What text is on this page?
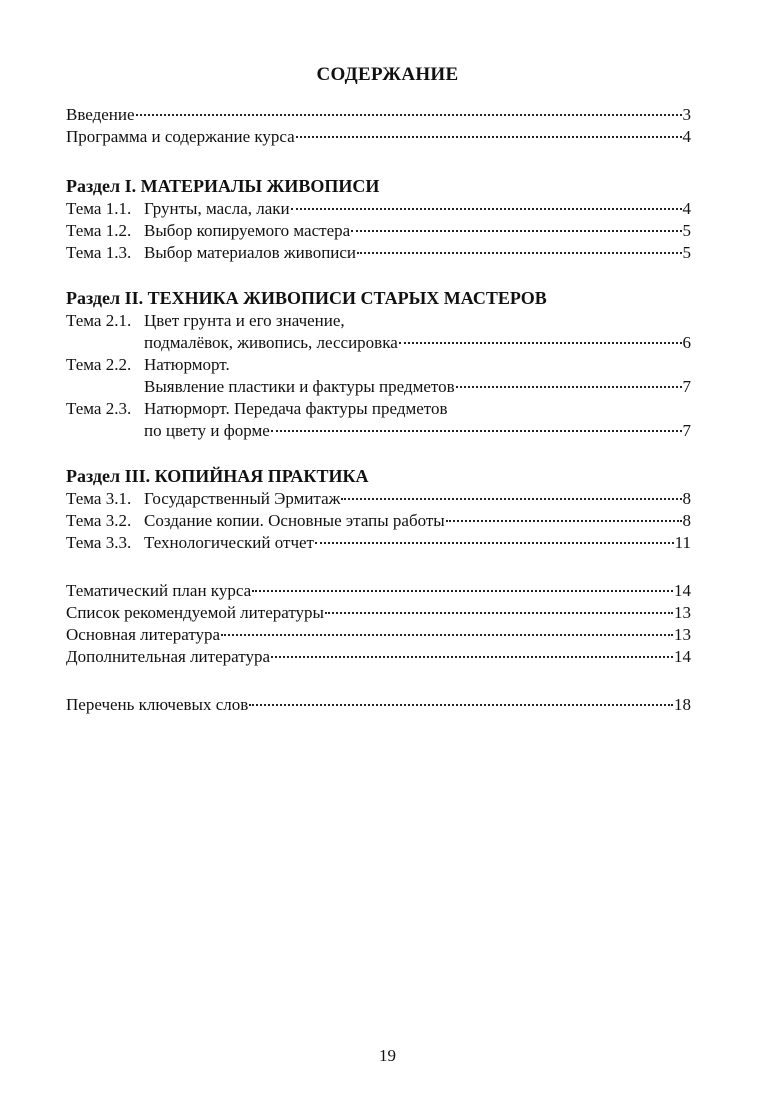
СОДЕРЖАНИЕ
Введение	3
Программа и содержание курса	4
Раздел I. МАТЕРИАЛЫ ЖИВОПИСИ
Тема 1.1. Грунты, масла, лаки	4
Тема 1.2. Выбор копируемого мастера	5
Тема 1.3. Выбор материалов живописи	5
Раздел II. ТЕХНИКА ЖИВОПИСИ СТАРЫХ МАСТЕРОВ
Тема 2.1. Цвет грунта и его значение,
подмалёвок, живопись, лессировка	6
Тема 2.2. Натюрморт.
Выявление пластики и фактуры предметов	7
Тема 2.3. Натюрморт. Передача фактуры предметов
по цвету и форме	7
Раздел III. КОПИЙНАЯ ПРАКТИКА
Тема 3.1. Государственный Эрмитаж	8
Тема 3.2. Создание копии. Основные этапы работы	8
Тема 3.3. Технологический отчет	11
Тематический план курса	14
Список рекомендуемой литературы	13
Основная литература	13
Дополнительная литература	14
Перечень ключевых слов	18
19
